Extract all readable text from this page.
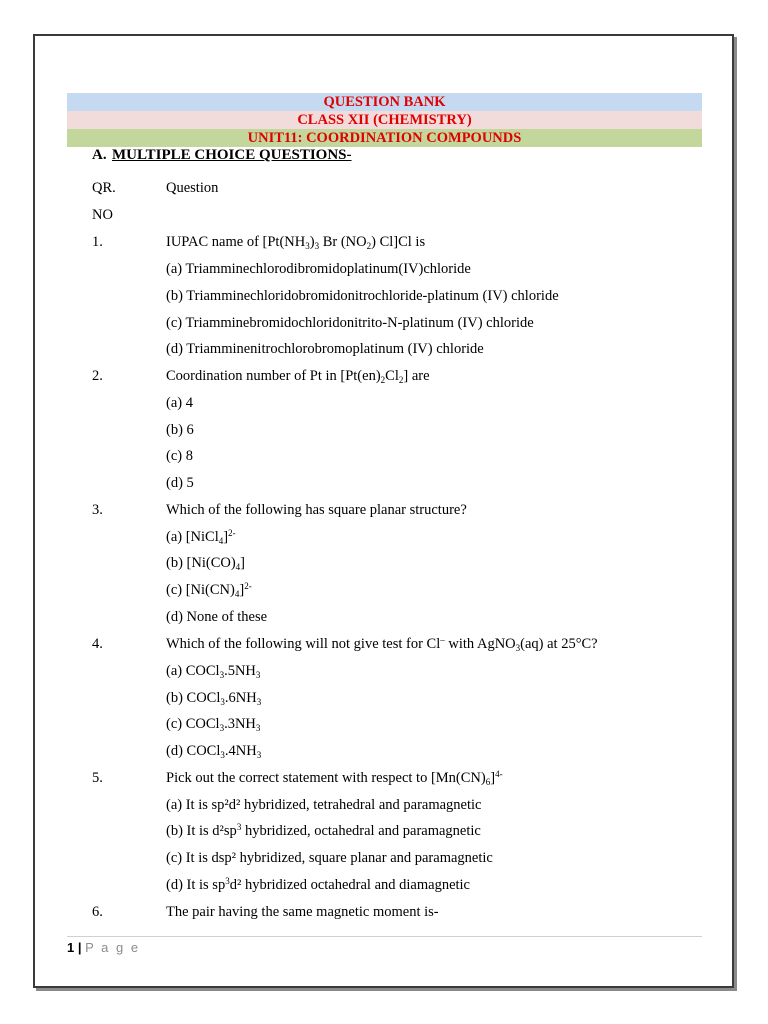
QUESTION BANK
CLASS XII (CHEMISTRY)
UNIT11: COORDINATION COMPOUNDS
A. MULTIPLE CHOICE QUESTIONS-
QR.	Question
NO
1.	IUPAC name of [$Pt(NH_3)_3$ Br $(NO_2)$ Cl]Cl is
(a) Triamminechlorodibromidoplatinum(IV)chloride
(b) Triamminechloridobromidonitrochloride-platinum (IV) chloride
(c) Triamminebromidochloridonitrito-N-platinum (IV) chloride
(d) Triamminenitrochlorobromoplatinum (IV) chloride
2.	Coordination number of Pt in $[Pt(en)_2Cl_2]$ are
(a) 4
(b) 6
(c) 8
(d) 5
3.	Which of the following has square planar structure?
(a) [NiCl$_4$]$^{2-}$
(b) $[Ni(CO)_4]$
(c) $[Ni(CN)_4]^{2-}$
(d) None of these
4.	Which of the following will not give test for Cl– with AgNO$_3$(aq) at 25°C?
(a) $COCl_3.5NH_3$
(b) $COCl_3.6NH_3$
(c) $COCl_3.3NH_3$
(d) $COCl_3.4NH_3$
5.	Pick out the correct statement with respect to $[Mn(CN)_6]^{4-}$
(a) It is sp²d² hybridized, tetrahedral and paramagnetic
(b) It is $d^2sp^3$ hybridized, octahedral and paramagnetic
(c) It is dsp² hybridized, square planar and paramagnetic
(d) It is $sp^3d^2$ hybridized octahedral and diamagnetic
6.	The pair having the same magnetic moment is-
1 | P a g e
